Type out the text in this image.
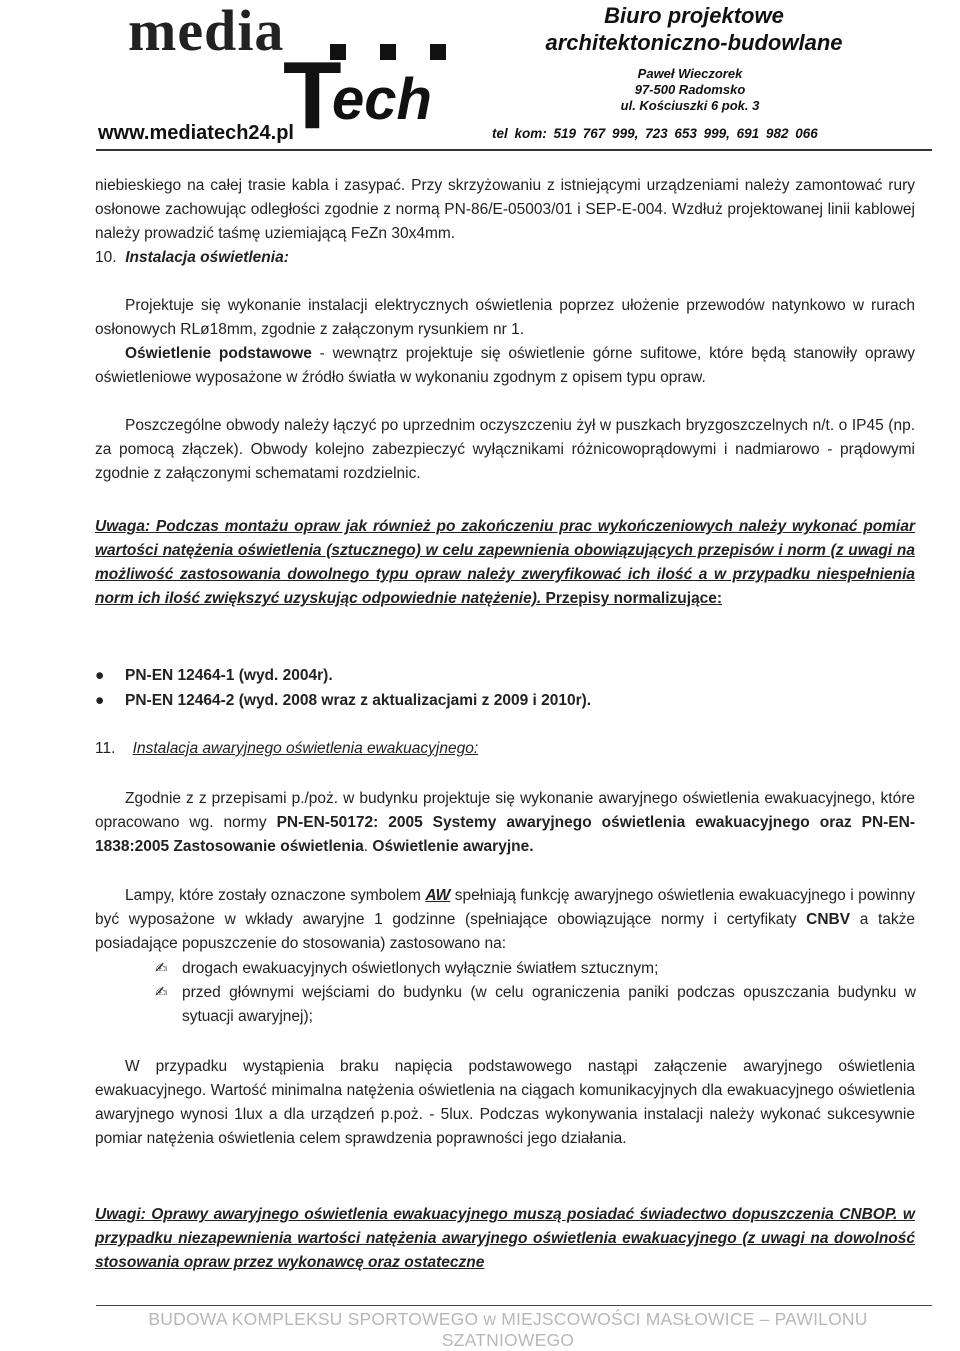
media
T
ech
www.mediatech24.pl
Biuro projektowe
architektoniczno-budowlane
Paweł Wieczorek
97-500 Radomsko
ul. Kościuszki 6 pok. 3
tel kom: 519 767 999, 723 653 999, 691 982 066
niebieskiego na całej trasie kabla i zasypać. Przy skrzyżowaniu z istniejącymi urządzeniami należy zamontować rury osłonowe zachowując odległości zgodnie z normą PN-86/E-05003/01 i SEP-E-004. Wzdłuż projektowanej linii kablowej należy prowadzić taśmę uziemiającą FeZn 30x4mm.
10. Instalacja oświetlenia:
Projektuje się wykonanie instalacji elektrycznych oświetlenia poprzez ułożenie przewodów natynkowo w rurach osłonowych RLø18mm, zgodnie z załączonym rysunkiem nr 1.
Oświetlenie podstawowe - wewnątrz projektuje się oświetlenie górne sufitowe, które będą stanowiły oprawy oświetleniowe wyposażone w źródło światła w wykonaniu zgodnym z opisem typu opraw.
Poszczególne obwody należy łączyć po uprzednim oczyszczeniu żył w puszkach bryzgoszczelnych n/t. o IP45 (np. za pomocą złączek). Obwody kolejno zabezpieczyć wyłącznikami różnicowoprądowymi i nadmiarowo - prądowymi zgodnie z załączonymi schematami rozdzielnic.
Uwaga: Podczas montażu opraw jak również po zakończeniu prac wykończeniowych należy wykonać pomiar wartości natężenia oświetlenia (sztucznego) w celu zapewnienia obowiązujących przepisów i norm (z uwagi na możliwość zastosowania dowolnego typu opraw należy zweryfikować ich ilość a w przypadku niespełnienia norm ich ilość zwiększyć uzyskując odpowiednie natężenie). Przepisy normalizujące:
● PN-EN 12464-1 (wyd. 2004r).
● PN-EN 12464-2 (wyd. 2008 wraz z aktualizacjami z 2009 i 2010r).
11. Instalacja awaryjnego oświetlenia ewakuacyjnego:
Zgodnie z z przepisami p./poż. w budynku projektuje się wykonanie awaryjnego oświetlenia ewakuacyjnego, które opracowano wg. normy PN-EN-50172: 2005 Systemy awaryjnego oświetlenia ewakuacyjnego oraz PN-EN-1838:2005 Zastosowanie oświetlenia. Oświetlenie awaryjne.
Lampy, które zostały oznaczone symbolem AW spełniają funkcję awaryjnego oświetlenia ewakuacyjnego i powinny być wyposażone w wkłady awaryjne 1 godzinne (spełniające obowiązujące normy i certyfikaty CNBV a także posiadające popuszczenie do stosowania) zastosowano na:
✍ drogach ewakuacyjnych oświetlonych wyłącznie światłem sztucznym;
✍ przed głównymi wejściami do budynku (w celu ograniczenia paniki podczas opuszczania budynku w sytuacji awaryjnej);
W przypadku wystąpienia braku napięcia podstawowego nastąpi załączenie awaryjnego oświetlenia ewakuacyjnego. Wartość minimalna natężenia oświetlenia na ciągach komunikacyjnych dla ewakuacyjnego oświetlenia awaryjnego wynosi 1lux a dla urządzeń p.poż. - 5lux. Podczas wykonywania instalacji należy wykonać sukcesywnie pomiar natężenia oświetlenia celem sprawdzenia poprawności jego działania.
Uwagi: Oprawy awaryjnego oświetlenia ewakuacyjnego muszą posiadać świadectwo dopuszczenia CNBOP. w przypadku niezapewnienia wartości natężenia awaryjnego oświetlenia ewakuacyjnego (z uwagi na dowolność stosowania opraw przez wykonawcę oraz ostateczne
BUDOWA KOMPLEKSU SPORTOWEGO w MIEJSCOWOŚCI MASŁOWICE – PAWILONU SZATNIOWEGO
